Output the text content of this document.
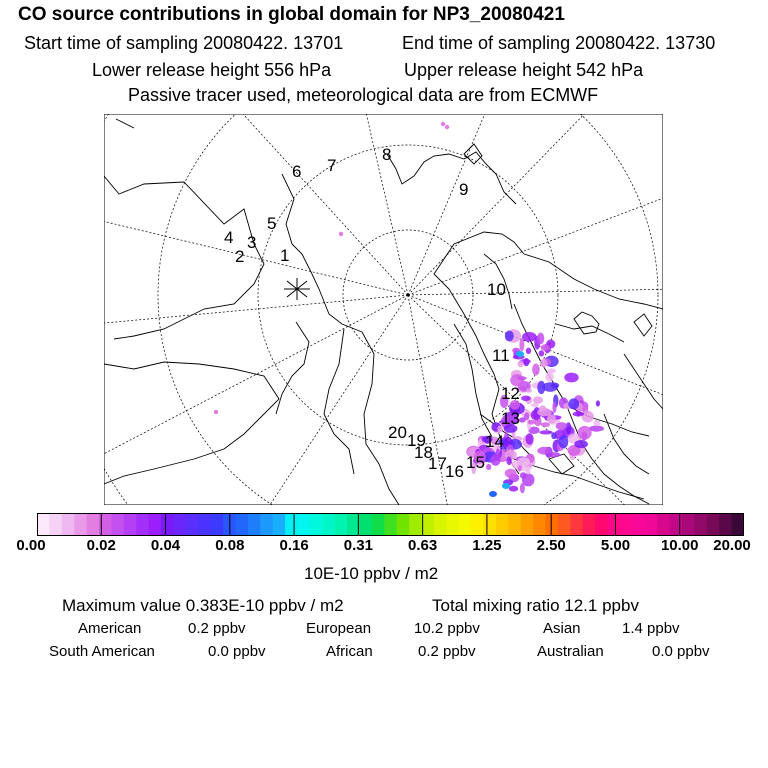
CO source contributions in global domain for NP3_20080421
Start time of sampling 20080422. 13701	End time of sampling 20080422. 13730
Lower release height 556 hPa	Upper release height 542 hPa
Passive tracer used, meteorological data are from ECMWF
1
2
3
4
5
6 7
8
9
10
11
12
13
14
15
16
17
18
19
20
0.00	0.02 0.04 0.08 0.16 0.31 0.63 1.25 2.50 5.00 10.00 20.00
10E-10 ppbv / m2
Maximum value 0.383E-10 ppbv / m2	Total mixing ratio 12.1 ppbv
American	0.2 ppbv	European	10.2 ppbv	Asian	1.4 ppbv
South American	0.0 ppbv	African	0.2 ppbv	Australian	0.0 ppbv
